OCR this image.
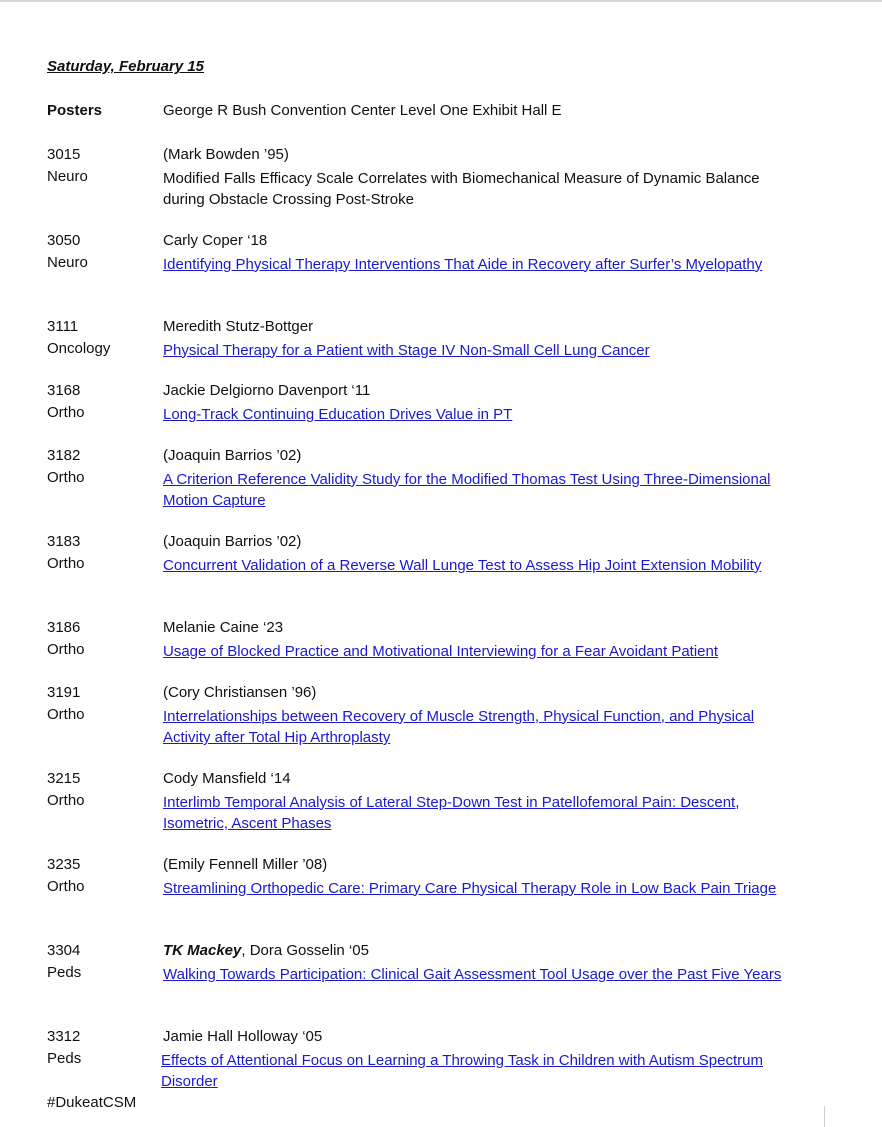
Saturday, February 15
Posters	George R Bush Convention Center Level One Exhibit Hall E
3015
Neuro
(Mark Bowden ’95)
Modified Falls Efficacy Scale Correlates with Biomechanical Measure of Dynamic Balance during Obstacle Crossing Post-Stroke
3050
Neuro
Carly Coper ‘18
Identifying Physical Therapy Interventions That Aide in Recovery after Surfer’s Myelopathy
3111
Oncology
Meredith Stutz-Bottger
Physical Therapy for a Patient with Stage IV Non-Small Cell Lung Cancer
3168
Ortho
Jackie Delgiorno Davenport ‘11
Long-Track Continuing Education Drives Value in PT
3182
Ortho
(Joaquin Barrios ’02)
A Criterion Reference Validity Study for the Modified Thomas Test Using Three-Dimensional Motion Capture
3183
Ortho
(Joaquin Barrios ’02)
Concurrent Validation of a Reverse Wall Lunge Test to Assess Hip Joint Extension Mobility
3186
Ortho
Melanie Caine ‘23
Usage of Blocked Practice and Motivational Interviewing for a Fear Avoidant Patient
3191
Ortho
(Cory Christiansen ’96)
Interrelationships between Recovery of Muscle Strength, Physical Function, and Physical Activity after Total Hip Arthroplasty
3215
Ortho
Cody Mansfield ‘14
Interlimb Temporal Analysis of Lateral Step-Down Test in Patellofemoral Pain: Descent, Isometric, Ascent Phases
3235
Ortho
(Emily Fennell Miller ’08)
Streamlining Orthopedic Care: Primary Care Physical Therapy Role in Low Back Pain Triage
3304
Peds
TK Mackey, Dora Gosselin ‘05
Walking Towards Participation: Clinical Gait Assessment Tool Usage over the Past Five Years
3312
Peds
Jamie Hall Holloway ‘05
Effects of Attentional Focus on Learning a Throwing Task in Children with Autism Spectrum Disorder
#DukeatCSM
